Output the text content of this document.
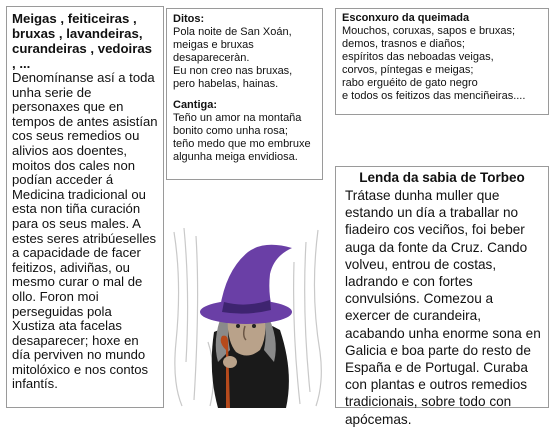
Meigas , feiticeiras , bruxas , lavandeiras, curandeiras , vedoiras , ...

Denomínanse así a toda unha serie de personaxes que en tempos de antes asistían cos seus remedios ou alivios aos doentes, moitos dos cales non podían acceder á Medicina tradicional ou esta non tiña curación para os seus males. A estes seres atribúeselles a capacidade de facer feitizos, adiviñas, ou mesmo curar o mal de ollo. Foron moi perseguidas pola Xustiza ata facelas desaparecer; hoxe en día perviven no mundo mitolóxico e nos contos infantís.

Ditos:
Pola noite de San Xoán,
meigas e bruxas
desapareceràn.
Eu non creo nas bruxas,
pero habelas, hainas.
Cantiga:
Teño un amor na montaña
bonito como unha rosa;
teño medo que mo embruxe
algunha meiga envidiosa.
Esconxuro da queimada
Mouchos, coruxas, sapos e bruxas;
demos, trasnos e diaños;
espíritos das neboadas veigas,
corvos, píntegas e meigas;
rabo erguéito de gato negro
e todos os feitizos das menciñeiras....

Lenda da sabia de Torbeo

Trátase dunha muller que estando un día a traballar no fiadeiro cos veciños, foi beber auga da fonte da Cruz. Cando volveu, entrou de costas, ladrando e con fortes convulsións. Comezou a exercer de curandeira, acabando unha enorme sona en Galicia e boa parte do resto de España e de Portugal. Curaba con plantas e outros remedios tradicionais, sobre todo con apócemas.
